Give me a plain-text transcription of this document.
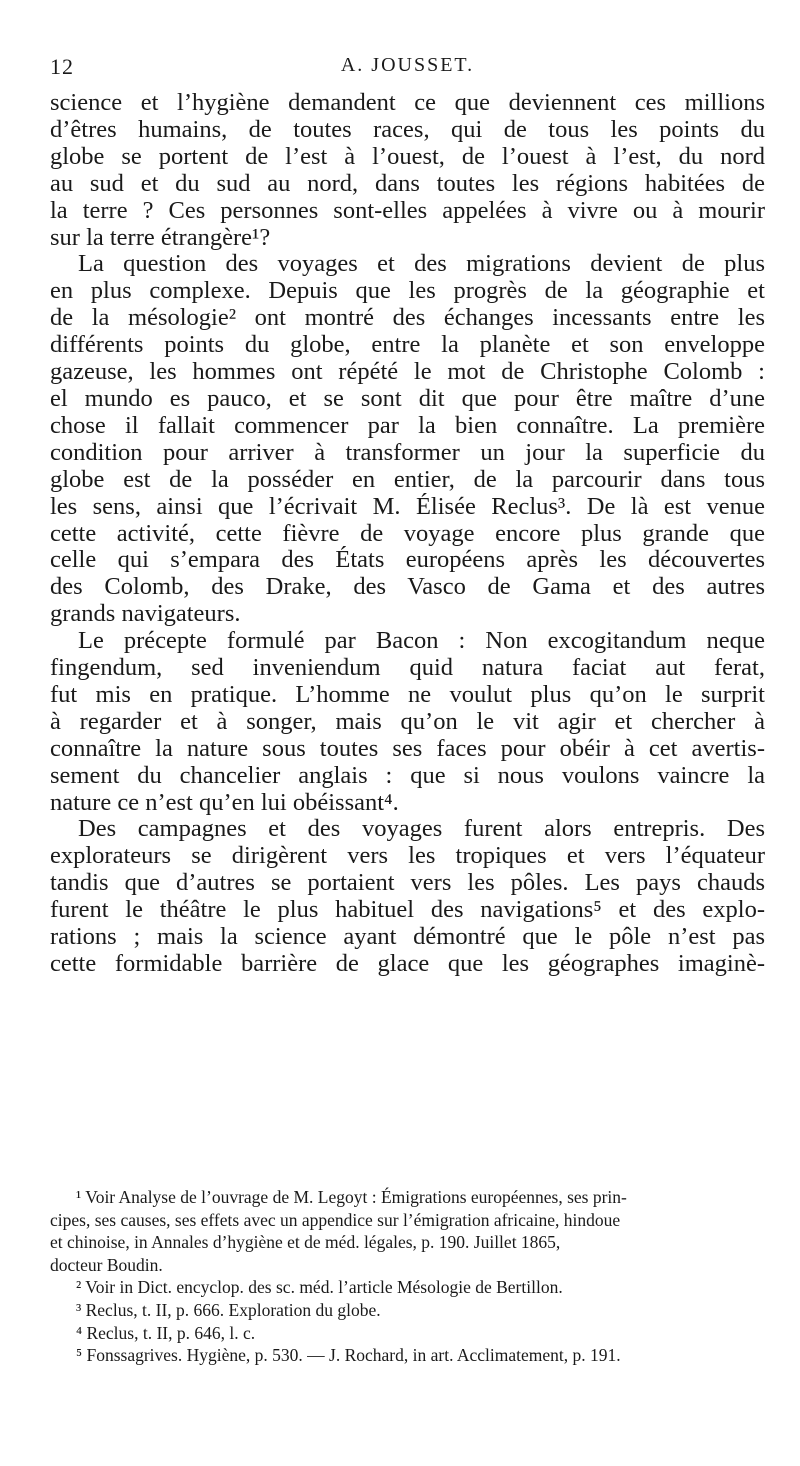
12	A. JOUSSET.

science et l’hygiène demandent ce que deviennent ces millions

d’êtres humains, de toutes races, qui de tous les points du

globe se portent de l’est à l’ouest, de l’ouest à l’est, du nord

au sud et du sud au nord, dans toutes les régions habitées de

la terre ? Ces personnes sont-elles appelées à vivre ou à mourir

sur la terre étrangère¹?

La question des voyages et des migrations devient de plus

en plus complexe. Depuis que les progrès de la géographie et

de la mésologie² ont montré des échanges incessants entre les

différents points du globe, entre la planète et son enveloppe

gazeuse, les hommes ont répété le mot de Christophe Colomb :

el mundo es pauco, et se sont dit que pour être maître d’une

chose il fallait commencer par la bien connaître. La première

condition pour arriver à transformer un jour la superficie du

globe est de la posséder en entier, de la parcourir dans tous

les sens, ainsi que l’écrivait M. Élisée Reclus³. De là est venue

cette activité, cette fièvre de voyage encore plus grande que

celle qui s’empara des États européens après les découvertes

des Colomb, des Drake, des Vasco de Gama et des autres

grands navigateurs.

Le précepte formulé par Bacon : Non excogitandum neque

fingendum, sed inveniendum quid natura faciat aut ferat,

fut mis en pratique. L’homme ne voulut plus qu’on le surprit

à regarder et à songer, mais qu’on le vit agir et chercher à

connaître la nature sous toutes ses faces pour obéir à cet avertis-

sement du chancelier anglais : que si nous voulons vaincre la

nature ce n’est qu’en lui obéissant⁴.

Des campagnes et des voyages furent alors entrepris. Des

explorateurs se dirigèrent vers les tropiques et vers l’équateur

tandis que d’autres se portaient vers les pôles. Les pays chauds

furent le théâtre le plus habituel des navigations⁵ et des explo-

rations ; mais la science ayant démontré que le pôle n’est pas

cette formidable barrière de glace que les géographes imaginè-

¹ Voir Analyse de l’ouvrage de M. Legoyt : Émigrations européennes, ses prin-

cipes, ses causes, ses effets avec un appendice sur l’émigration africaine, hindoue

et chinoise, in Annales d’hygiène et de méd. légales, p. 190. Juillet 1865,

docteur Boudin.

² Voir in Dict. encyclop. des sc. méd. l’article Mésologie de Bertillon.

³ Reclus, t. II, p. 666. Exploration du globe.

⁴ Reclus, t. II, p. 646, l. c.

⁵ Fonssagrives. Hygiène, p. 530. — J. Rochard, in art. Acclimatement, p. 191.
